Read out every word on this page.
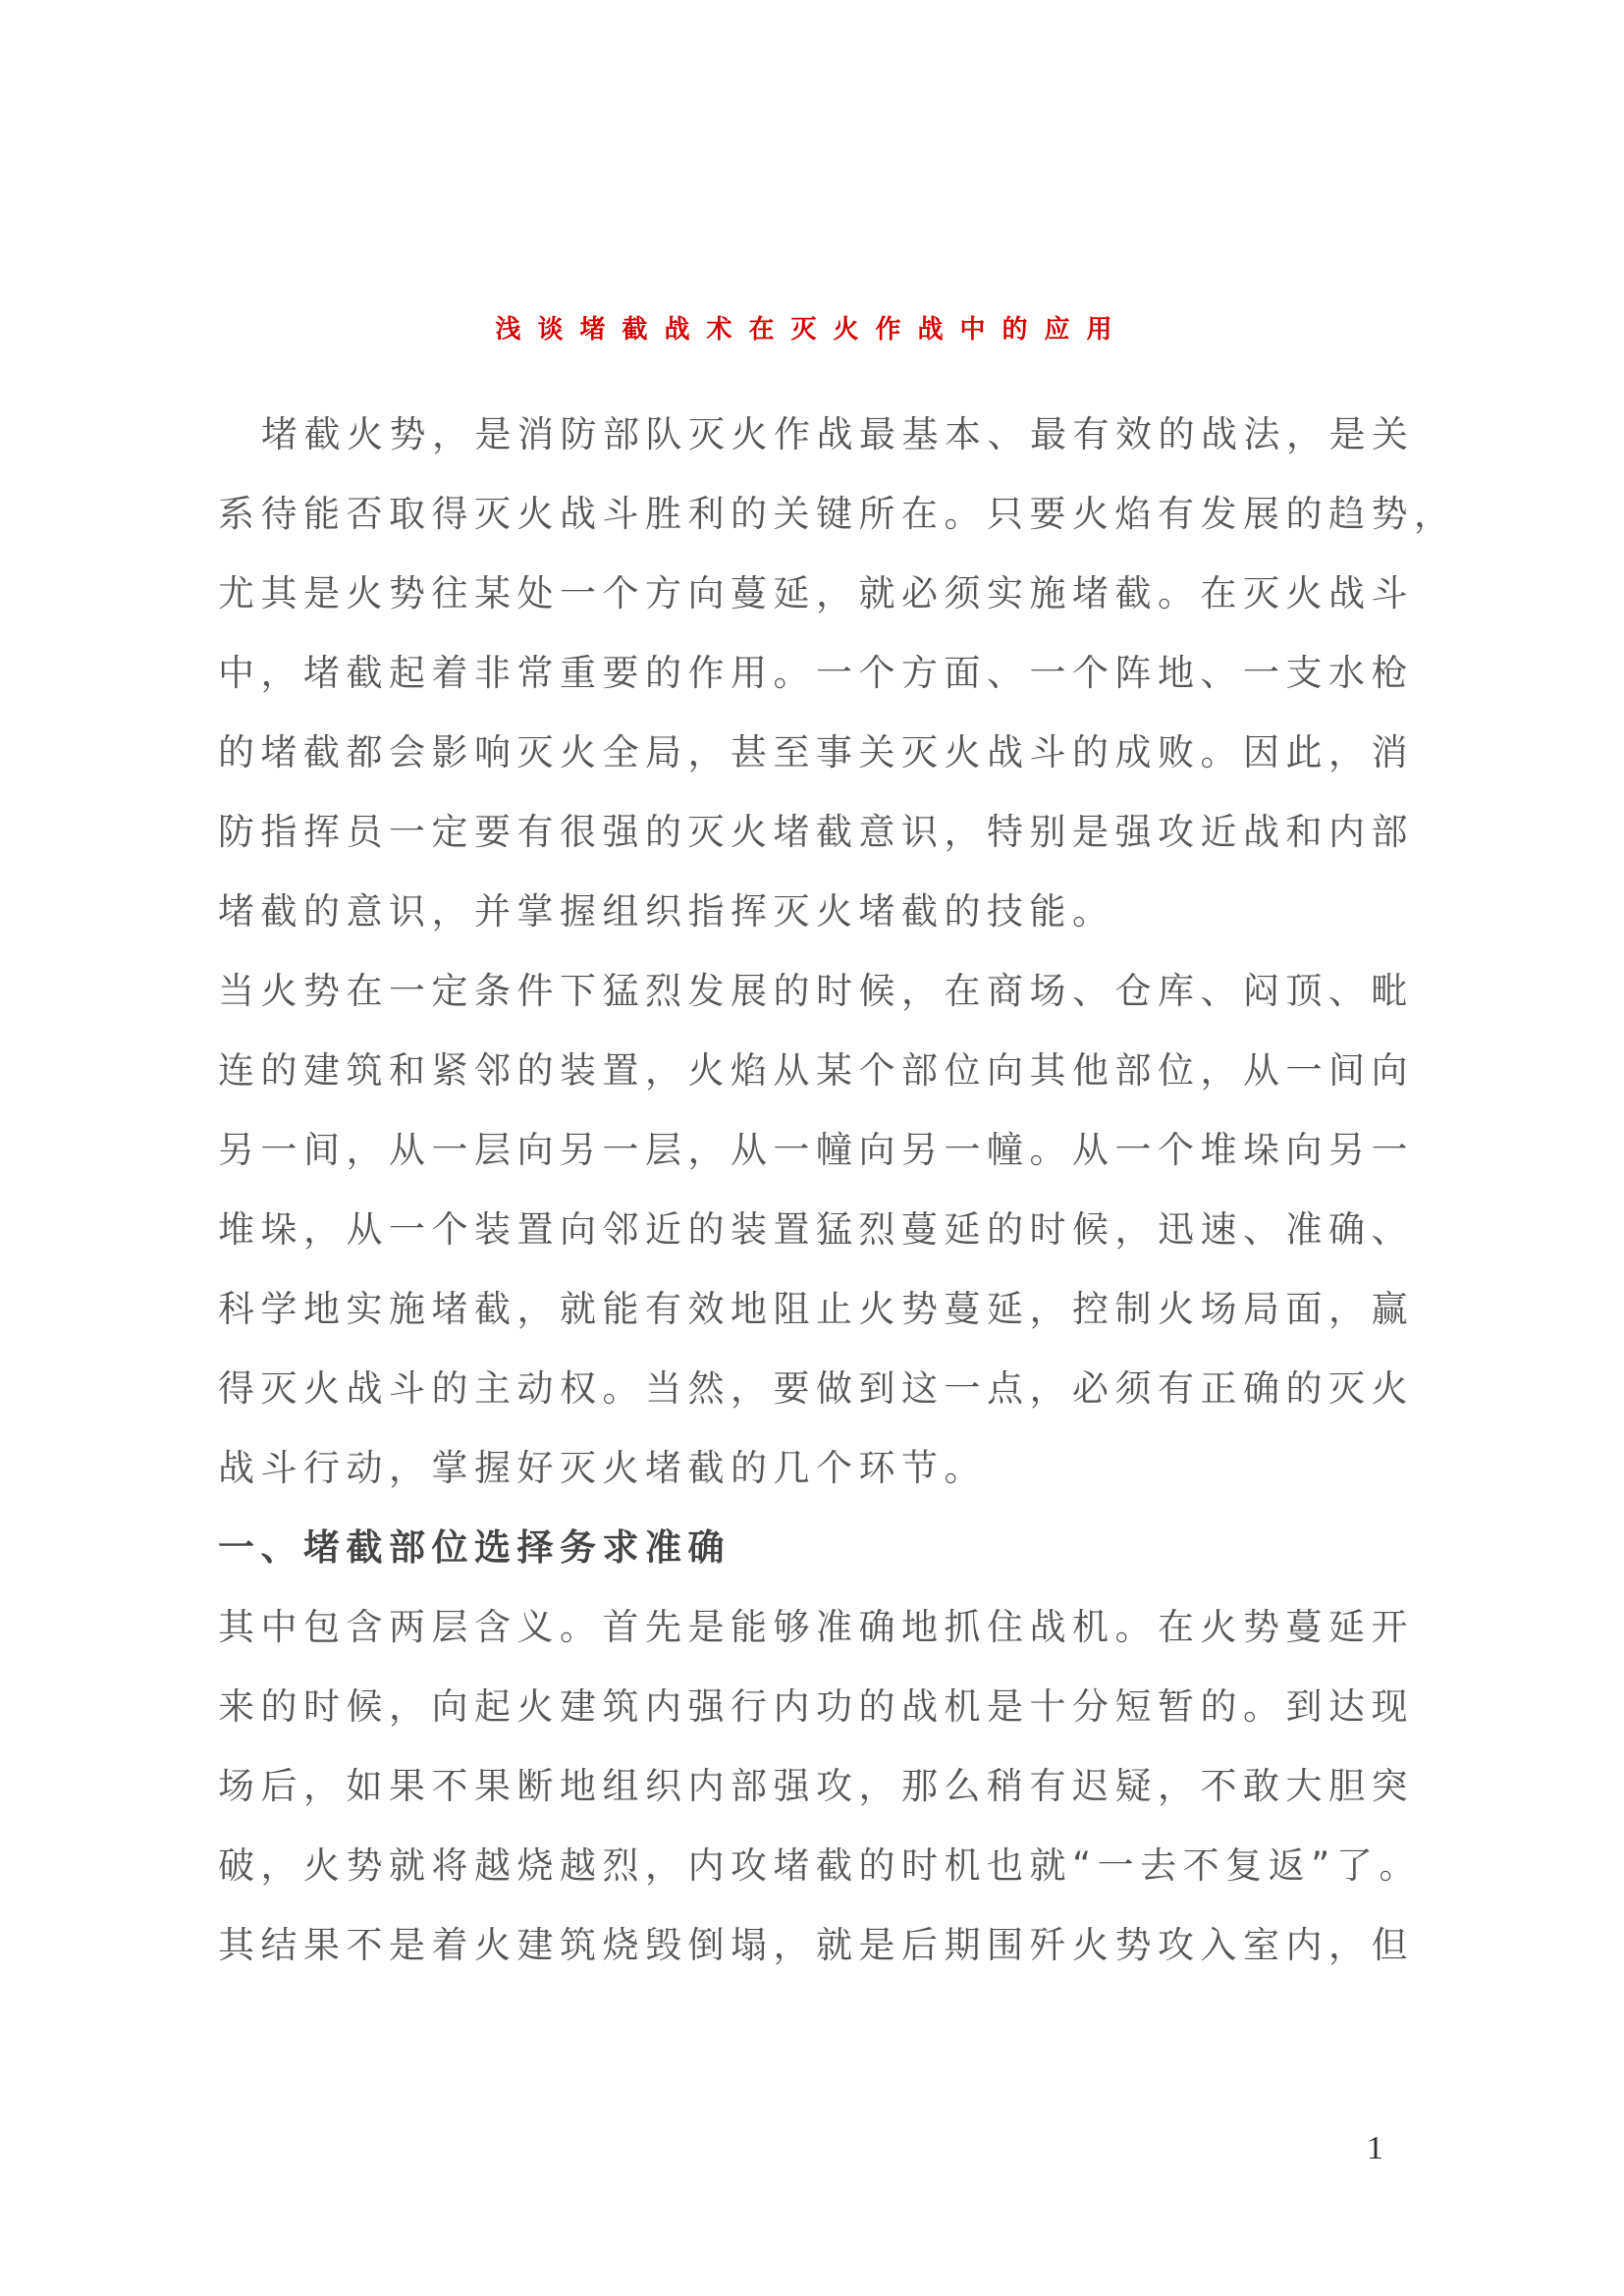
浅谈堵截战术在灭火作战中的应用
堵截火势，是消防部队灭火作战最基本、最有效的战法，是关
系待能否取得灭火战斗胜利的关键所在。只要火焰有发展的趋势，
尤其是火势往某处一个方向蔓延，就必须实施堵截。在灭火战斗
中，堵截起着非常重要的作用。一个方面、一个阵地、一支水枪
的堵截都会影响灭火全局，甚至事关灭火战斗的成败。因此，消
防指挥员一定要有很强的灭火堵截意识，特别是强攻近战和内部
堵截的意识，并掌握组织指挥灭火堵截的技能。
当火势在一定条件下猛烈发展的时候，在商场、仓库、闷顶、毗
连的建筑和紧邻的装置，火焰从某个部位向其他部位，从一间向
另一间，从一层向另一层，从一幢向另一幢。从一个堆垛向另一
堆垛，从一个装置向邻近的装置猛烈蔓延的时候，迅速、准确、
科学地实施堵截，就能有效地阻止火势蔓延，控制火场局面，赢
得灭火战斗的主动权。当然，要做到这一点，必须有正确的灭火
战斗行动，掌握好灭火堵截的几个环节。
一、堵截部位选择务求准确
其中包含两层含义。首先是能够准确地抓住战机。在火势蔓延开
来的时候，向起火建筑内强行内功的战机是十分短暂的。到达现
场后，如果不果断地组织内部强攻，那么稍有迟疑，不敢大胆突
破，火势就将越烧越烈，内攻堵截的时机也就“一去不复返”了。
其结果不是着火建筑烧毁倒塌，就是后期围歼火势攻入室内，但
1
